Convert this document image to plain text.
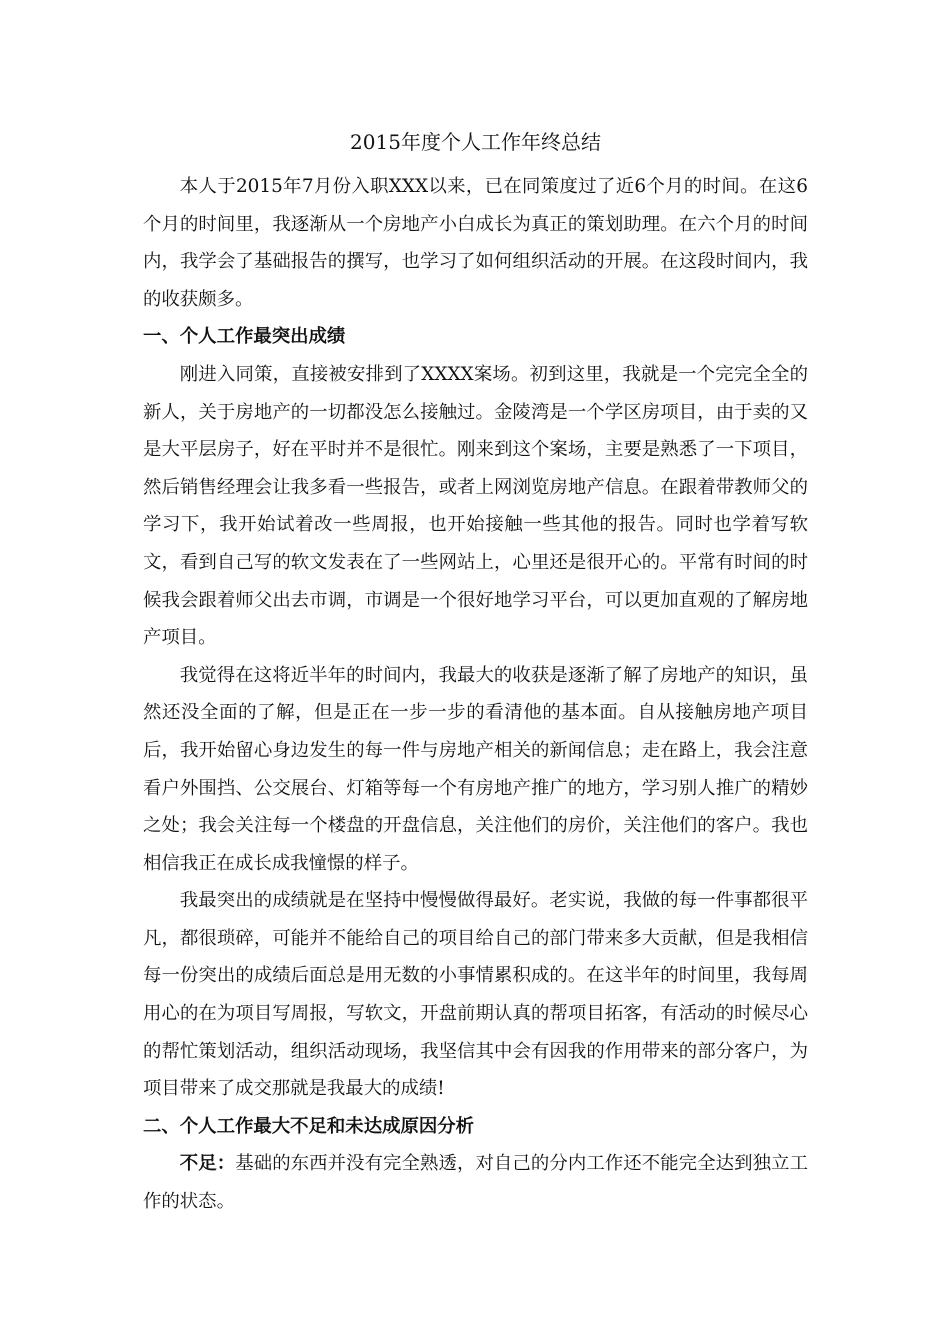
2015年度个人工作年终总结

本人于2015年7月份入职XXX以来，已在同策度过了近6个月的时间。在这6个月的时间里，我逐渐从一个房地产小白成长为真正的策划助理。在六个月的时间内，我学会了基础报告的撰写，也学习了如何组织活动的开展。在这段时间内，我的收获颇多。

一、个人工作最突出成绩

刚进入同策，直接被安排到了XXXX案场。初到这里，我就是一个完完全全的新人，关于房地产的一切都没怎么接触过。金陵湾是一个学区房项目，由于卖的又是大平层房子，好在平时并不是很忙。刚来到这个案场，主要是熟悉了一下项目，然后销售经理会让我多看一些报告，或者上网浏览房地产信息。在跟着带教师父的学习下，我开始试着改一些周报，也开始接触一些其他的报告。同时也学着写软文，看到自己写的软文发表在了一些网站上，心里还是很开心的。平常有时间的时候我会跟着师父出去市调，市调是一个很好地学习平台，可以更加直观的了解房地产项目。

我觉得在这将近半年的时间内，我最大的收获是逐渐了解了房地产的知识，虽然还没全面的了解，但是正在一步一步的看清他的基本面。自从接触房地产项目后，我开始留心身边发生的每一件与房地产相关的新闻信息；走在路上，我会注意看户外围挡、公交展台、灯箱等每一个有房地产推广的地方，学习别人推广的精妙之处；我会关注每一个楼盘的开盘信息，关注他们的房价，关注他们的客户。我也相信我正在成长成我憧憬的样子。

我最突出的成绩就是在坚持中慢慢做得最好。老实说，我做的每一件事都很平凡，都很琐碎，可能并不能给自己的项目给自己的部门带来多大贡献，但是我相信每一份突出的成绩后面总是用无数的小事情累积成的。在这半年的时间里，我每周用心的在为项目写周报，写软文，开盘前期认真的帮项目拓客，有活动的时候尽心的帮忙策划活动，组织活动现场，我坚信其中会有因我的作用带来的部分客户，为项目带来了成交那就是我最大的成绩!

二、个人工作最大不足和未达成原因分析

不足：基础的东西并没有完全熟透，对自己的分内工作还不能完全达到独立工作的状态。
